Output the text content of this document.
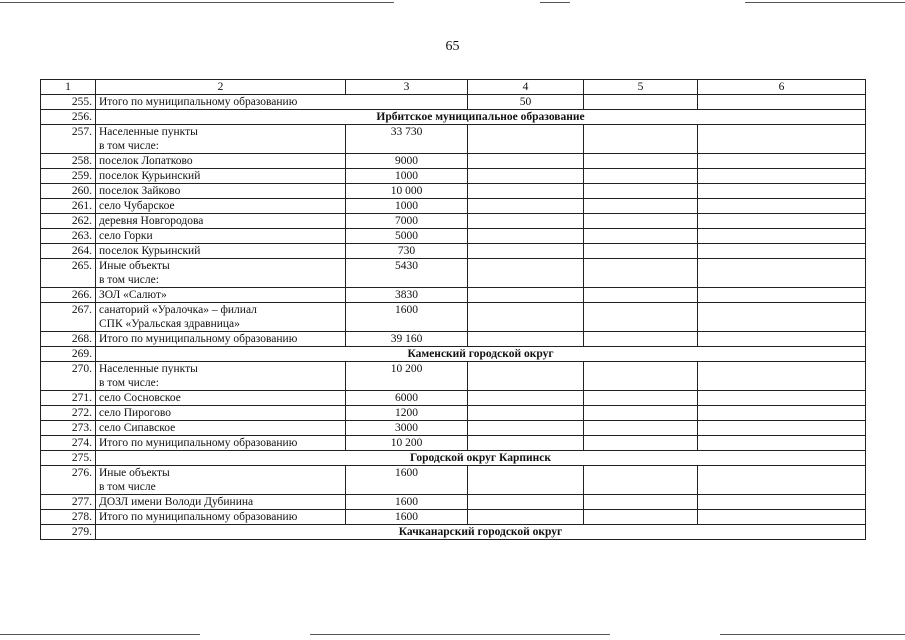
65
1	2	3	4	5	6
255.	Итого по муниципальному образованию		50		
256.	Ирбитское муниципальное образование				
257.	Населенные пункты
в том числе:	33 730			
258.	поселок Лопатково	9000			
259.	поселок Курьинский	1000			
260.	поселок Зайково	10 000			
261.	село Чубарское	1000			
262.	деревня Новгородова	7000			
263.	село Горки	5000			
264.	поселок Курьинский	730			
265.	Иные объекты
в том числе:	5430			
266.	ЗОЛ «Салют»	3830			
267.	санаторий «Уралочка» – филиал
СПК «Уральская здравница»	1600			
268.	Итого по муниципальному образованию	39 160			
269.	Каменский городской округ				
270.	Населенные пункты
в том числе:	10 200			
271.	село Сосновское	6000			
272.	село Пирогово	1200			
273.	село Сипавское	3000			
274.	Итого по муниципальному образованию	10 200			
275.	Городской округ Карпинск				
276.	Иные объекты
в том числе	1600			
277.	ДОЗЛ имени Володи Дубинина	1600			
278.	Итого по муниципальному образованию	1600			
279.	Качканарский городской округ				
